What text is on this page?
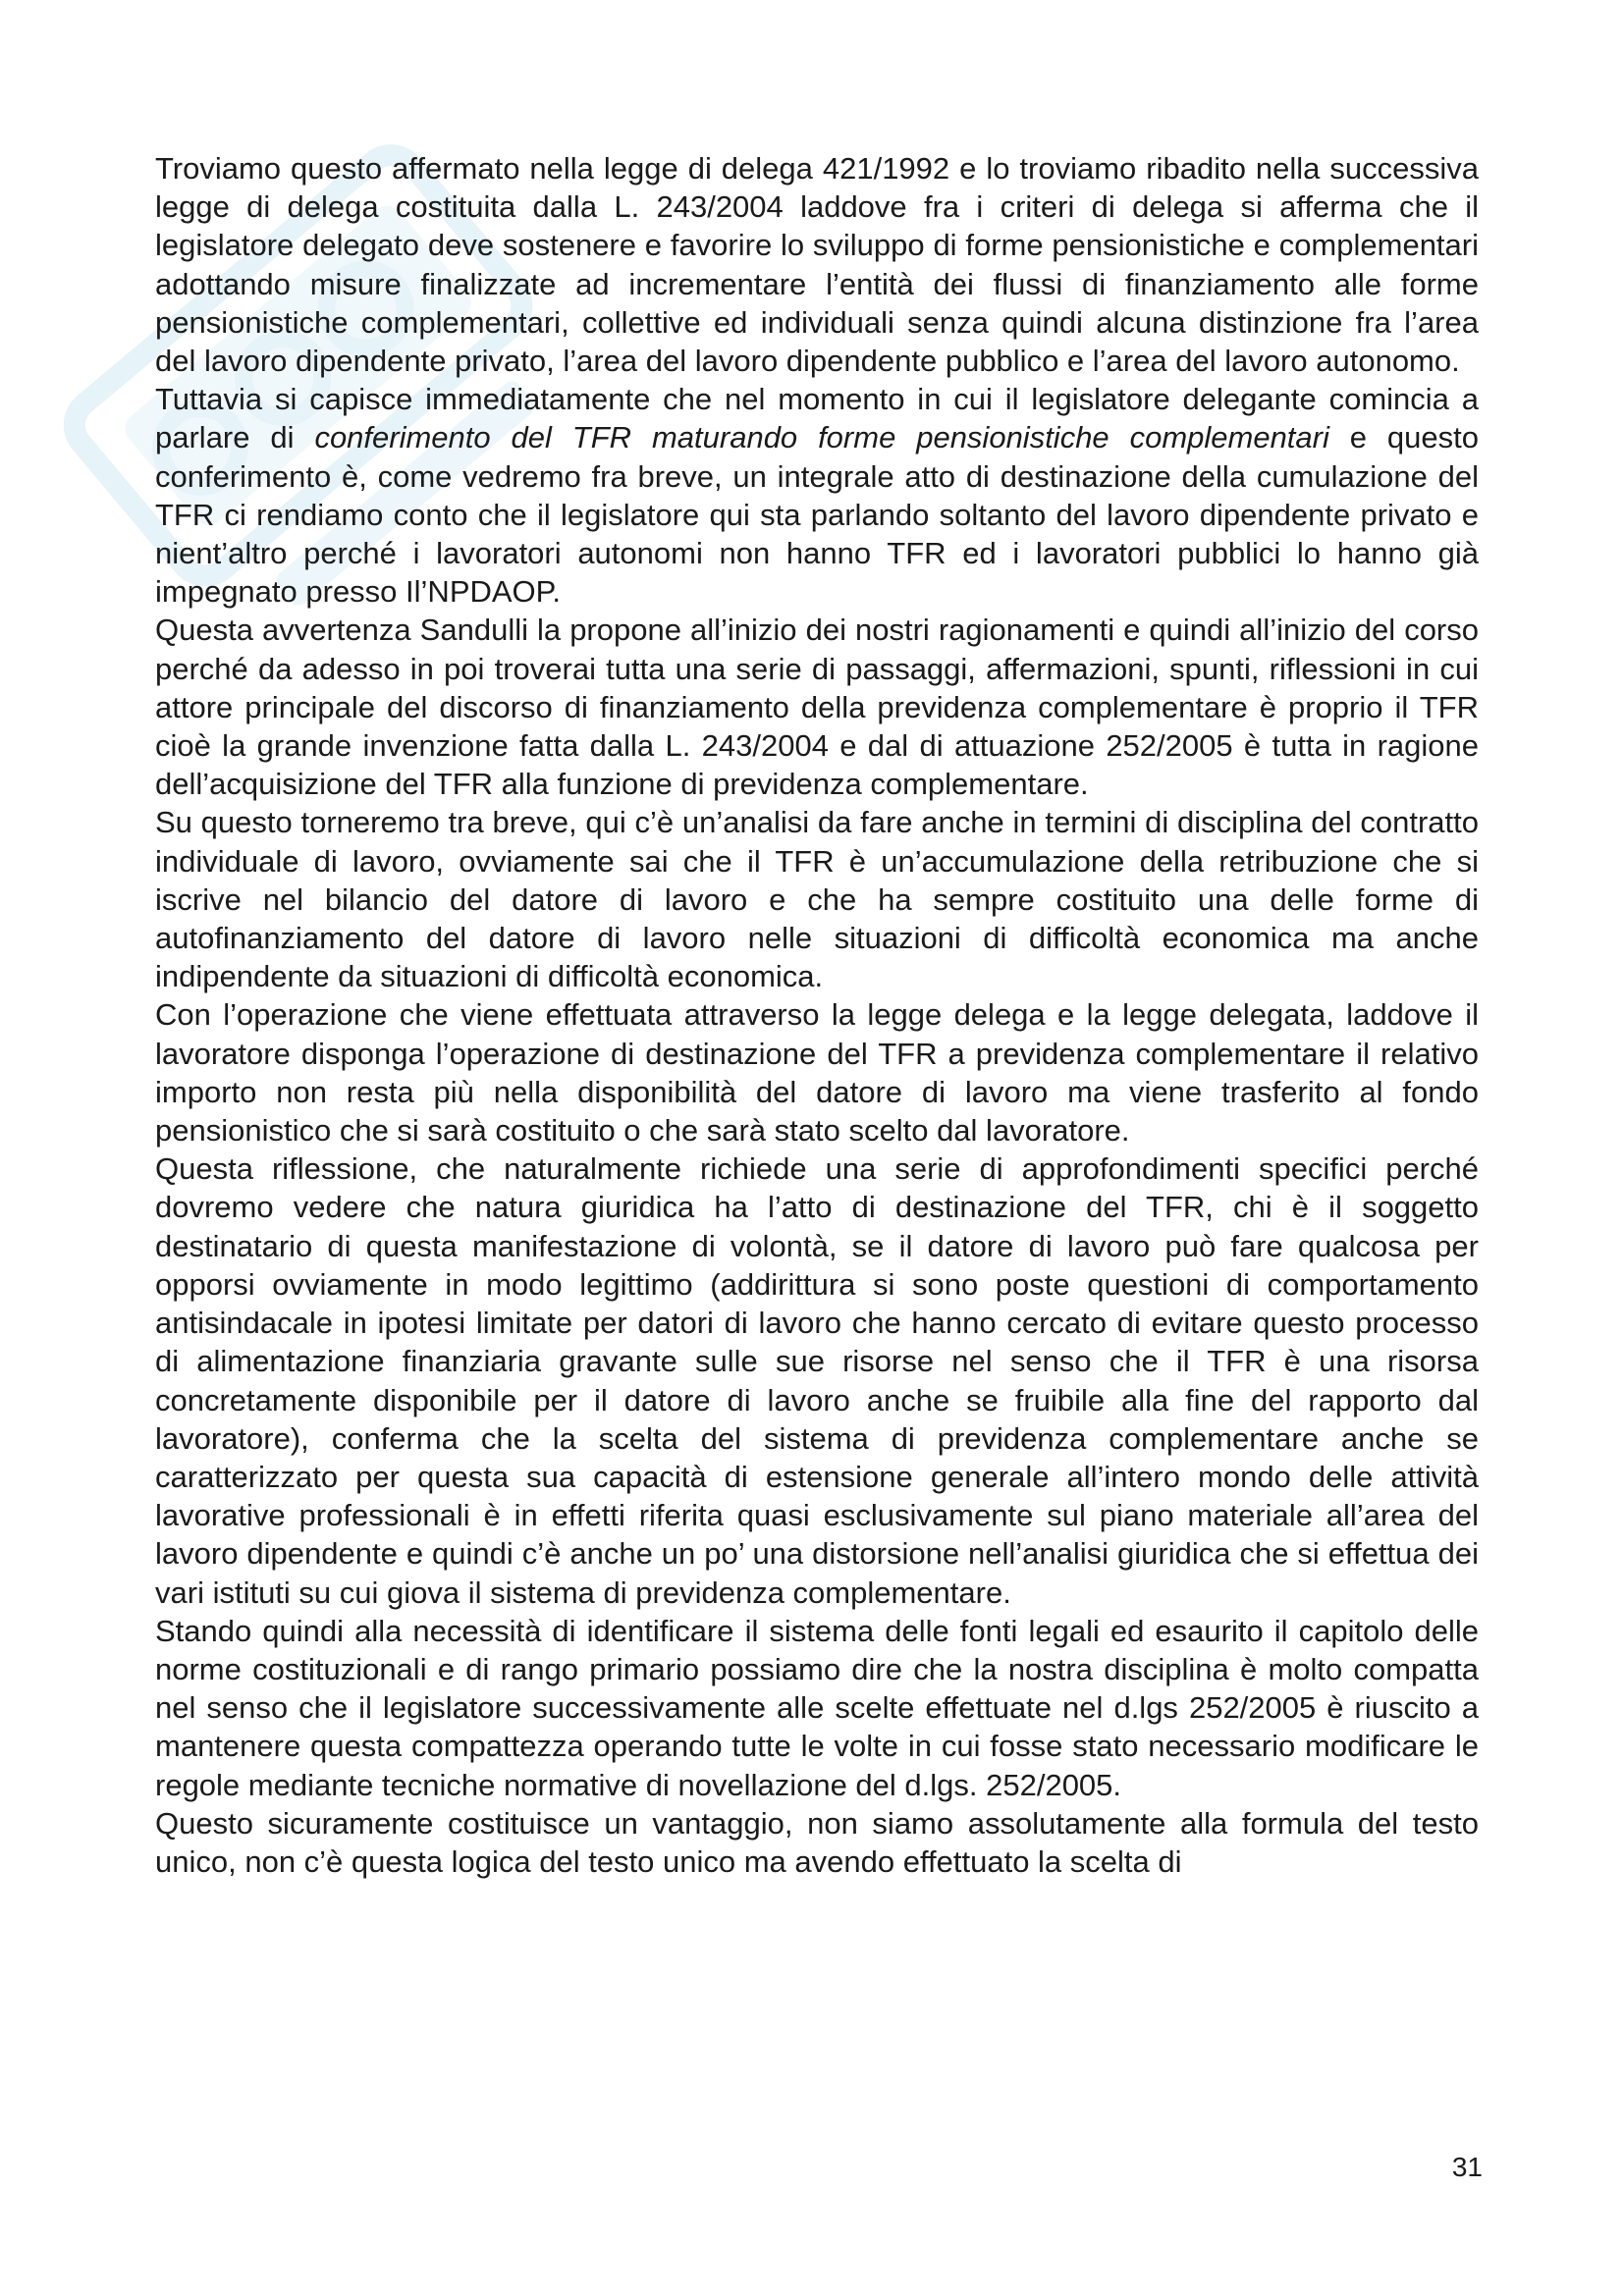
Troviamo questo affermato nella legge di delega 421/1992 e lo troviamo ribadito nella successiva legge di delega costituita dalla L. 243/2004 laddove fra i criteri di delega si afferma che il legislatore delegato deve sostenere e favorire lo sviluppo di forme pensionistiche e complementari adottando misure finalizzate ad incrementare l’entità dei flussi di finanziamento alle forme pensionistiche complementari, collettive ed individuali senza quindi alcuna distinzione fra l’area del lavoro dipendente privato, l’area del lavoro dipendente pubblico e l’area del lavoro autonomo.

Tuttavia si capisce immediatamente che nel momento in cui il legislatore delegante comincia a parlare di conferimento del TFR maturando forme pensionistiche complementari e questo conferimento è, come vedremo fra breve, un integrale atto di destinazione della cumulazione del TFR ci rendiamo conto che il legislatore qui sta parlando soltanto del lavoro dipendente privato e nient’altro perché i lavoratori autonomi non hanno TFR ed i lavoratori pubblici lo hanno già impegnato presso Il’NPDAOP.

Questa avvertenza Sandulli la propone all’inizio dei nostri ragionamenti e quindi all’inizio del corso perché da adesso in poi troverai tutta una serie di passaggi, affermazioni, spunti, riflessioni in cui attore principale del discorso di finanziamento della previdenza complementare è proprio il TFR cioè la grande invenzione fatta dalla L. 243/2004 e dal di attuazione 252/2005 è tutta in ragione dell’acquisizione del TFR alla funzione di previdenza complementare.

Su questo torneremo tra breve, qui c’è un’analisi da fare anche in termini di disciplina del contratto individuale di lavoro, ovviamente sai che il TFR è un’accumulazione della retribuzione che si iscrive nel bilancio del datore di lavoro e che ha sempre costituito una delle forme di autofinanziamento del datore di lavoro nelle situazioni di difficoltà economica ma anche indipendente da situazioni di difficoltà economica.

Con l’operazione che viene effettuata attraverso la legge delega e la legge delegata, laddove il lavoratore disponga l’operazione di destinazione del TFR a previdenza complementare il relativo importo non resta più nella disponibilità del datore di lavoro ma viene trasferito al fondo pensionistico che si sarà costituito o che sarà stato scelto dal lavoratore.

Questa riflessione, che naturalmente richiede una serie di approfondimenti specifici perché dovremo vedere che natura giuridica ha l’atto di destinazione del TFR, chi è il soggetto destinatario di questa manifestazione di volontà, se il datore di lavoro può fare qualcosa per opporsi ovviamente in modo legittimo (addirittura si sono poste questioni di comportamento antisindacale in ipotesi limitate per datori di lavoro che hanno cercato di evitare questo processo di alimentazione finanziaria gravante sulle sue risorse nel senso che il TFR è una risorsa concretamente disponibile per il datore di lavoro anche se fruibile alla fine del rapporto dal lavoratore), conferma che la scelta del sistema di previdenza complementare anche se caratterizzato per questa sua capacità di estensione generale all’intero mondo delle attività lavorative professionali è in effetti riferita quasi esclusivamente sul piano materiale all’area del lavoro dipendente e quindi c’è anche un po’ una distorsione nell’analisi giuridica che si effettua dei vari istituti su cui giova il sistema di previdenza complementare.

Stando quindi alla necessità di identificare il sistema delle fonti legali ed esaurito il capitolo delle norme costituzionali e di rango primario possiamo dire che la nostra disciplina è molto compatta nel senso che il legislatore successivamente alle scelte effettuate nel d.lgs 252/2005 è riuscito a mantenere questa compattezza operando tutte le volte in cui fosse stato necessario modificare le regole mediante tecniche normative di novellazione del d.lgs. 252/2005.

Questo sicuramente costituisce un vantaggio, non siamo assolutamente alla formula del testo unico, non c’è questa logica del testo unico ma avendo effettuato la scelta di

31
